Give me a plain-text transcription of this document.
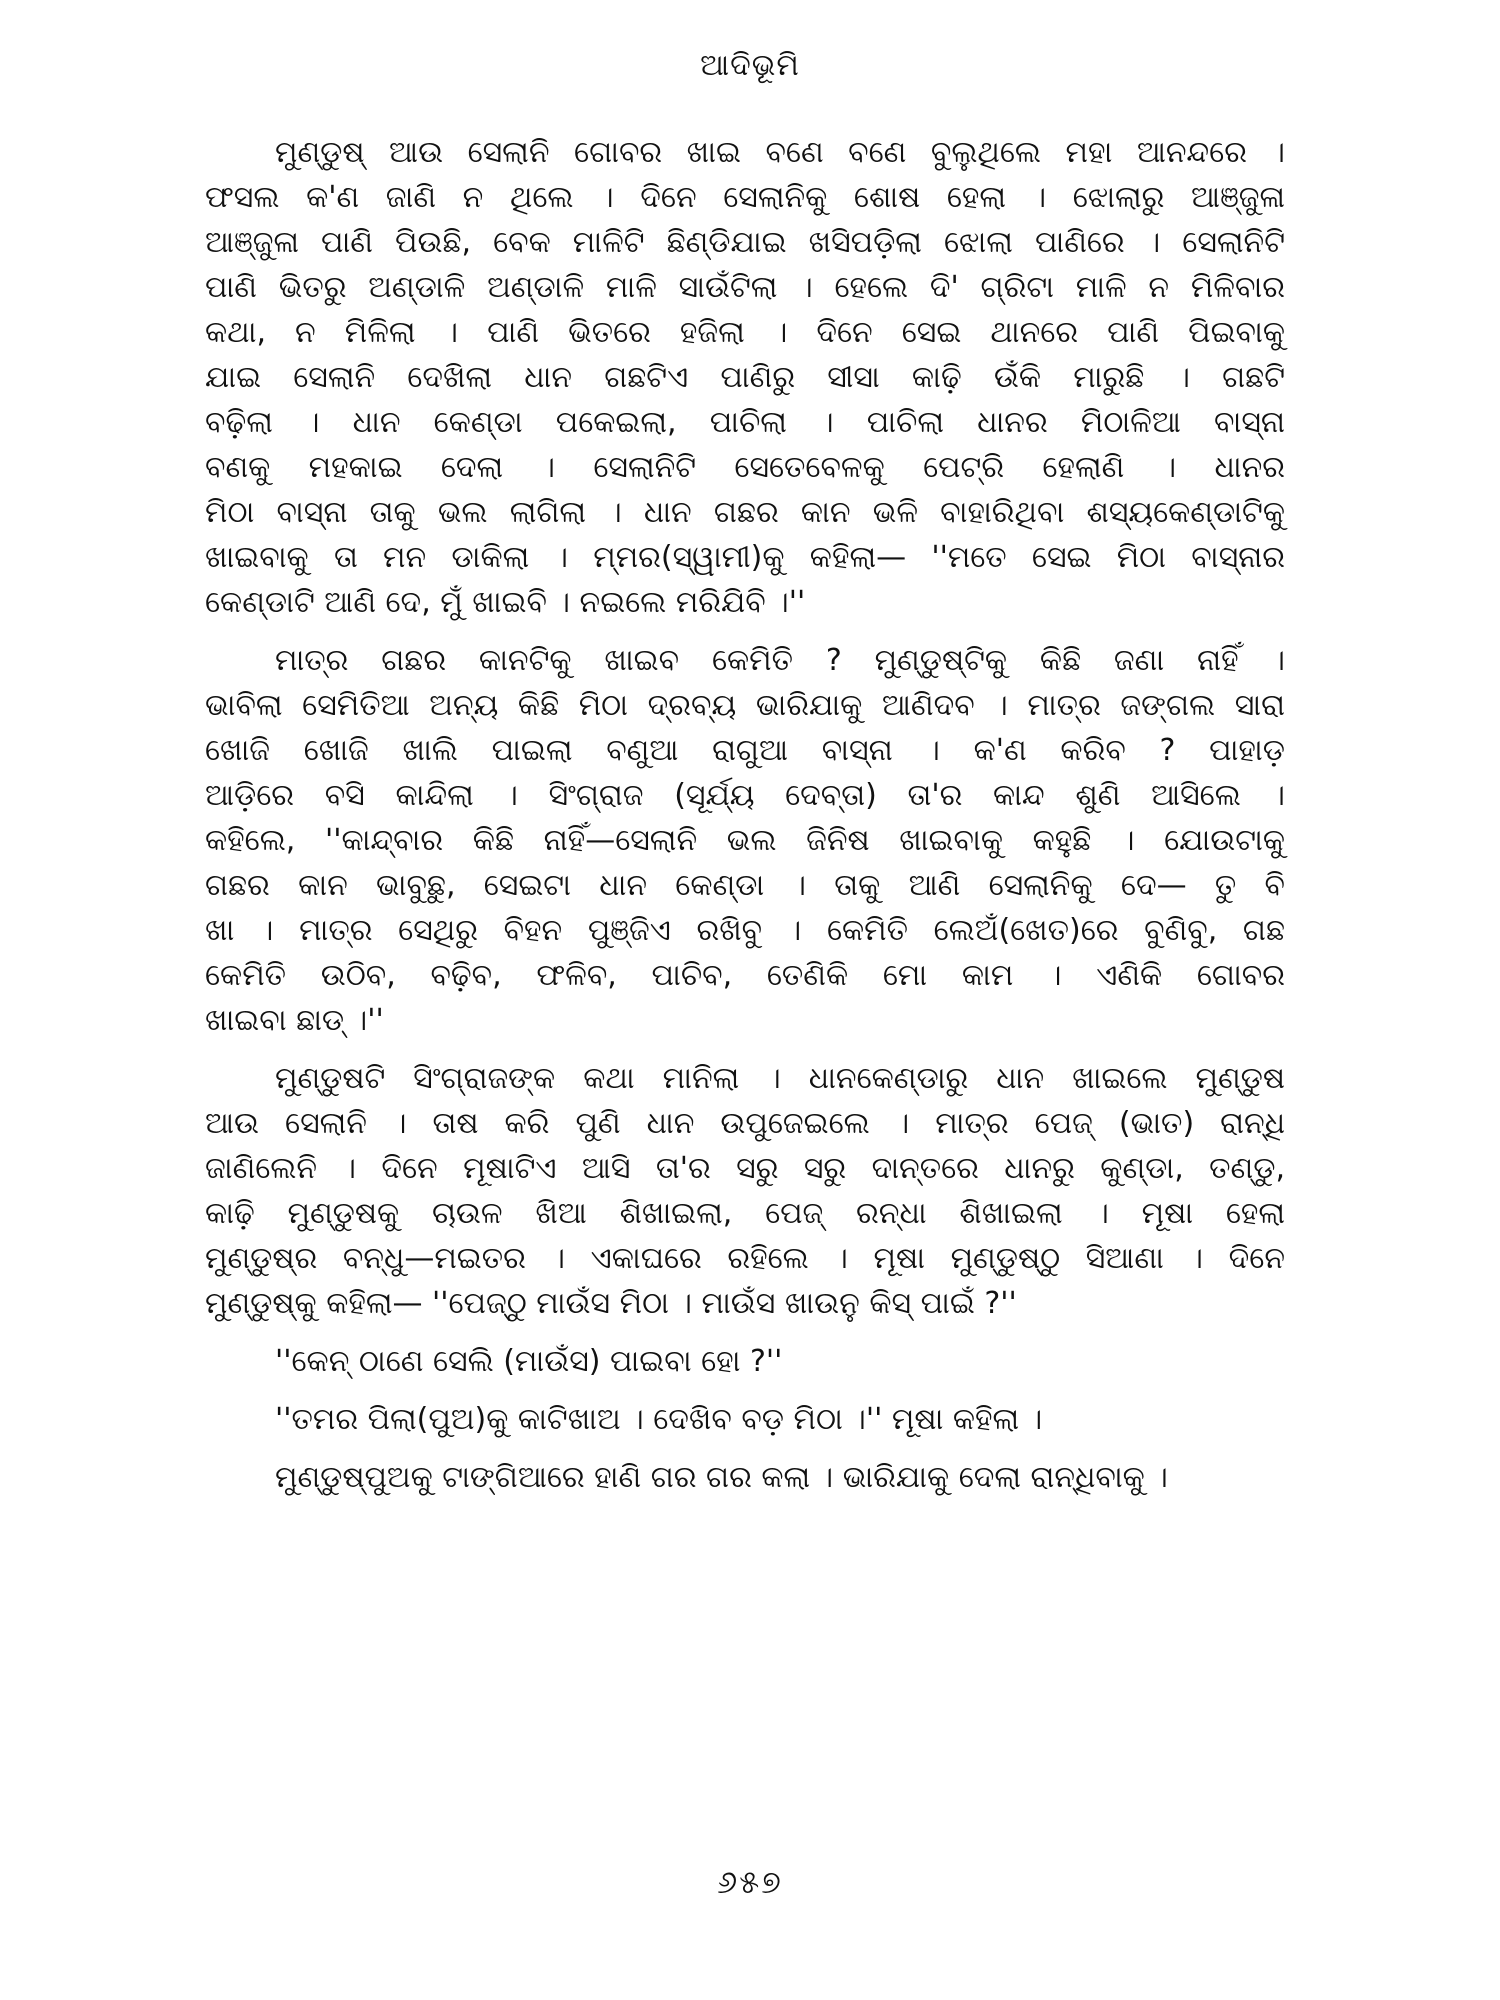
ଆଦିଭୂମି
ମୁଣ୍ଡୁଷ୍ ଆଉ ସେଲାନି ଗୋବର ଖାଇ ବଣେ ବଣେ ବୁଲୁଥିଲେ ମହା ଆନନ୍ଦରେ ।
ଫସଲ କ'ଣ ଜାଣି ନ ଥିଲେ । ଦିନେ ସେଲାନିକୁ ଶୋଷ ହେଲା । ଝୋଲାରୁ ଆଞ୍ଜୁଳା
ଆଞ୍ଜୁଳା ପାଣି ପିଉଛି, ବେକ ମାଳିଟି ଛିଣ୍ଡିଯାଇ ଖସିପଡ଼ିଲା ଝୋଲା ପାଣିରେ । ସେଲାନିଟି
ପାଣି ଭିତରୁ ଅଣ୍ଡାଳି ଅଣ୍ଡାଳି ମାଳି ସାଉଁଟିଲା । ହେଲେ ଦି' ଗ୍ରିଟା ମାଳି ନ ମିଳିବାର
କଥା, ନ ମିଳିଲା । ପାଣି ଭିତରେ ହଜିଲା । ଦିନେ ସେଇ ଥାନରେ ପାଣି ପିଇବାକୁ
ଯାଇ ସେଲାନି ଦେଖିଲା ଧାନ ଗଛଟିଏ ପାଣିରୁ ସୀସା କାଢ଼ି ଉଁକି ମାରୁଛି । ଗଛଟି
ବଢ଼ିଲା । ଧାନ କେଣ୍ଡା ପକେଇଲା, ପାଚିଲା । ପାଚିଲା ଧାନର ମିଠାଳିଆ ବାସ୍ନା
ବଣକୁ ମହକାଇ ଦେଲା । ସେଲାନିଟି ସେତେବେଳକୁ ପେଟ୍‌ରି ହେଲାଣି । ଧାନର
ମିଠା ବାସ୍ନା ତାକୁ ଭଲ ଲାଗିଲା । ଧାନ ଗଛର କାନ ଭଳି ବାହାରିଥିବା ଶସ୍ୟକେଣ୍ଡାଟିକୁ
ଖାଇବାକୁ ତା ମନ ଡାକିଲା । ମ୍ମର(ସ୍ୱାମୀ)କୁ କହିଲା— ''ମତେ ସେଇ ମିଠା ବାସ୍ନାର
କେଣ୍ଡାଟି ଆଣି ଦେ, ମୁଁ ଖାଇବି । ନଇଲେ ମରିଯିବି ।''
ମାତ୍ର ଗଛର କାନଟିକୁ ଖାଇବ କେମିତି ? ମୁଣ୍ଡୁଷ୍‌ଟିକୁ କିଛି ଜଣା ନାହିଁ ।
ଭାବିଲା ସେମିତିଆ ଅନ୍ୟ କିଛି ମିଠା ଦ୍ରବ୍ୟ ଭାରିଯାକୁ ଆଣିଦବ । ମାତ୍ର ଜଙ୍ଗଲ ସାରା
ଖୋଜି ଖୋଜି ଖାଲି ପାଇଲା ବଣୁଆ ରାଗୁଆ ବାସ୍ନା । କ'ଣ କରିବ ? ପାହାଡ଼
ଆଡ଼ିରେ ବସି କାନ୍ଦିଲା । ସିଂଗ୍ରାଜ (ସୂର୍ଯ୍ୟ ଦେବ୍‌ତା) ତା'ର କାନ୍ଦ ଶୁଣି ଆସିଲେ ।
କହିଲେ, ''କାନ୍ଦ୍‌ବାର କିଛି ନାହିଁ—ସେଲାନି ଭଲ ଜିନିଷ ଖାଇବାକୁ କହୁଛି । ଯୋଉଟାକୁ
ଗଛର କାନ ଭାବୁଛୁ, ସେଇଟା ଧାନ କେଣ୍ଡା । ତାକୁ ଆଣି ସେଲାନିକୁ ଦେ— ତୁ ବି
ଖା । ମାତ୍ର ସେଥିରୁ ବିହନ ପୁଞ୍ଜିଏ ରଖିବୁ । କେମିତି ଲେଅଁ(ଖେତ)ରେ ବୁଣିବୁ, ଗଛ
କେମିତି ଉଠିବ, ବଢ଼ିବ, ଫଳିବ, ପାଚିବ, ତେଣିକି ମୋ କାମ । ଏଣିକି ଗୋବର
ଖାଇବା ଛାଡ୍ ।''
ମୁଣ୍ଡୁଷଟି ସିଂଗ୍ରାଜଙ୍କ କଥା ମାନିଲା । ଧାନକେଣ୍ଡାରୁ ଧାନ ଖାଇଲେ ମୁଣ୍ଡୁଷ
ଆଉ ସେଲାନି । ତାଷ କରି ପୁଣି ଧାନ ଉପୁଜେଇଲେ । ମାତ୍ର ପେଜ୍ (ଭାତ) ରାନ୍ଧି
ଜାଣିଲେନି । ଦିନେ ମୂଷାଟିଏ ଆସି ତା'ର ସରୁ ସରୁ ଦାନ୍ତରେ ଧାନରୁ କୁଣ୍ଡା, ତଣ୍ଡୁ,
କାଢ଼ି ମୁଣ୍ଡୁଷକୁ ଚାଉଳ ଖିଆ ଶିଖାଇଲା, ପେଜ୍ ରନ୍ଧା ଶିଖାଇଲା । ମୂଷା ହେଲା
ମୁଣ୍ଡୁଷ୍‌ର ବନ୍ଧୁ—ମଇତର । ଏକାଘରେ ରହିଲେ । ମୂଷା ମୁଣ୍ଡୁଷ୍‌ଠୁ ସିଆଣା । ଦିନେ
ମୁଣ୍ଡୁଷ୍‌କୁ କହିଲା— ''ପେଜ୍‌ଠୁ ମାଉଁସ ମିଠା । ମାଉଁସ ଖାଉନୁ କିସ୍ ପାଇଁ ?''
''କେନ୍ ଠାଣେ ସେଲି (ମାଉଁସ) ପାଇବା ହୋ ?''
''ତମର ପିଲା(ପୁଅ)କୁ କାଟିଖାଅ । ଦେଖିବ ବଡ଼ ମିଠା ।'' ମୂଷା କହିଲା ।
ମୁଣ୍ଡୁଷ୍‌ପୁଅକୁ ଟାଙ୍ଗିଆରେ ହାଣି ଗର ଗର କଲା । ଭାରିଯାକୁ ଦେଲା ରାନ୍ଧିବାକୁ ।
୬୫୭
